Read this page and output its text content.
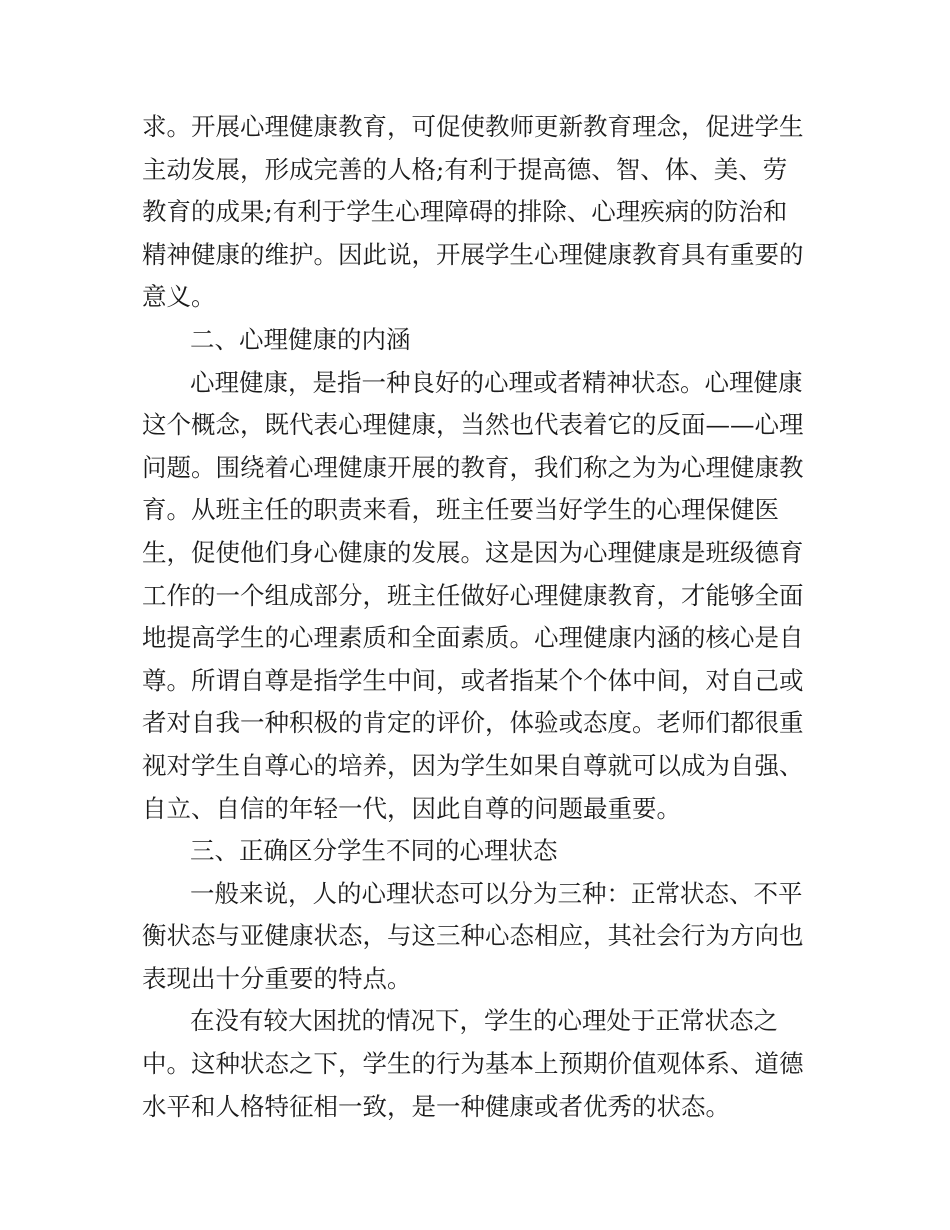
求。开展心理健康教育，可促使教师更新教育理念，促进学生
主动发展，形成完善的人格;有利于提高德、智、体、美、劳
教育的成果;有利于学生心理障碍的排除、心理疾病的防治和
精神健康的维护。因此说，开展学生心理健康教育具有重要的
意义。
二、心理健康的内涵
心理健康，是指一种良好的心理或者精神状态。心理健康
这个概念，既代表心理健康，当然也代表着它的反面——心理
问题。围绕着心理健康开展的教育，我们称之为为心理健康教
育。从班主任的职责来看，班主任要当好学生的心理保健医
生，促使他们身心健康的发展。这是因为心理健康是班级德育
工作的一个组成部分，班主任做好心理健康教育，才能够全面
地提高学生的心理素质和全面素质。心理健康内涵的核心是自
尊。所谓自尊是指学生中间，或者指某个个体中间，对自己或
者对自我一种积极的肯定的评价，体验或态度。老师们都很重
视对学生自尊心的培养，因为学生如果自尊就可以成为自强、
自立、自信的年轻一代，因此自尊的问题最重要。
三、正确区分学生不同的心理状态
一般来说，人的心理状态可以分为三种：正常状态、不平
衡状态与亚健康状态，与这三种心态相应，其社会行为方向也
表现出十分重要的特点。
在没有较大困扰的情况下，学生的心理处于正常状态之
中。这种状态之下，学生的行为基本上预期价值观体系、道德
水平和人格特征相一致，是一种健康或者优秀的状态。
